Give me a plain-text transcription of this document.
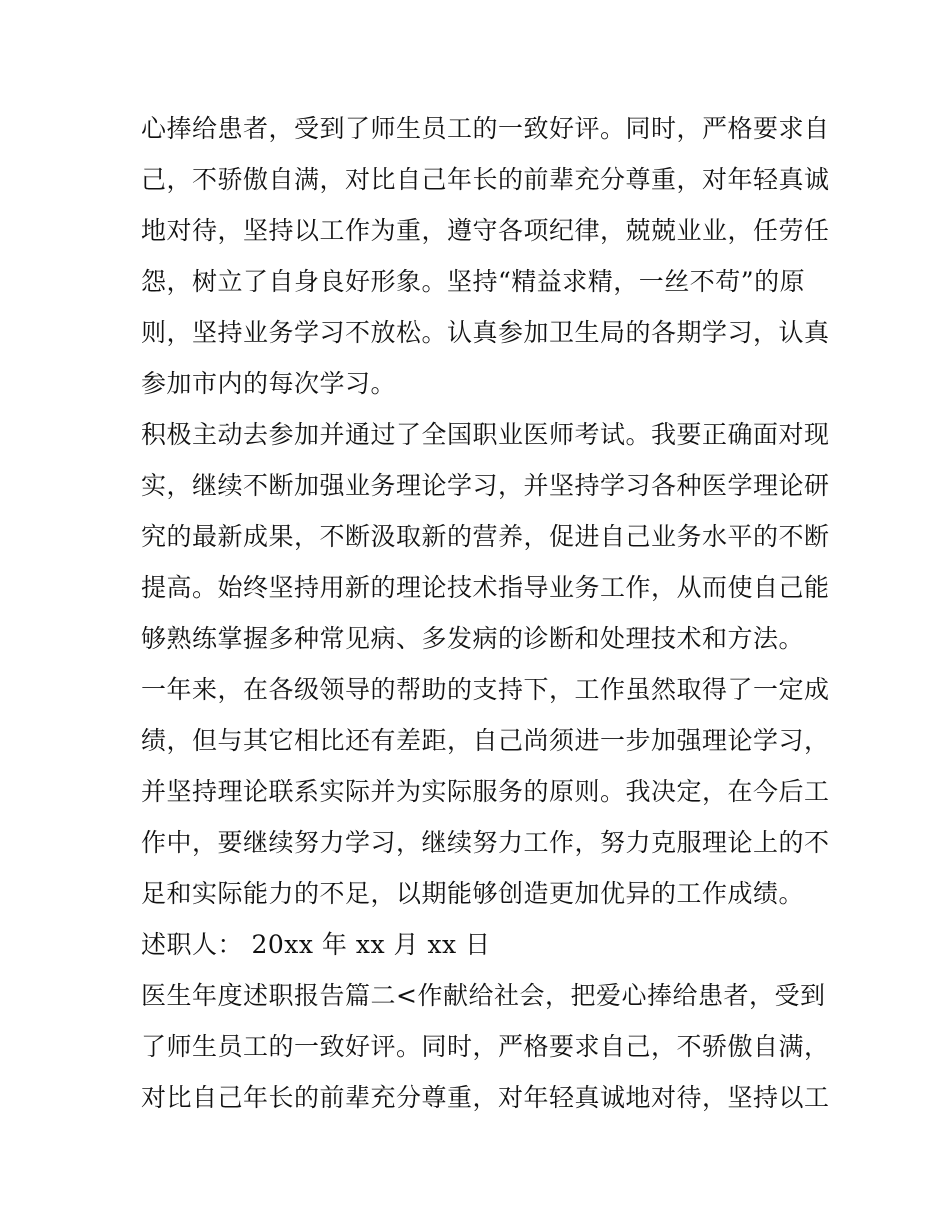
心捧给患者，受到了师生员工的一致好评。同时，严格要求自
己，不骄傲自满，对比自己年长的前辈充分尊重，对年轻真诚
地对待，坚持以工作为重，遵守各项纪律，兢兢业业，任劳任
怨，树立了自身良好形象。坚持“精益求精，一丝不苟”的原
则，坚持业务学习不放松。认真参加卫生局的各期学习，认真
参加市内的每次学习。
积极主动去参加并通过了全国职业医师考试。我要正确面对现
实，继续不断加强业务理论学习，并坚持学习各种医学理论研
究的最新成果，不断汲取新的营养，促进自己业务水平的不断
提高。始终坚持用新的理论技术指导业务工作，从而使自己能
够熟练掌握多种常见病、多发病的诊断和处理技术和方法。
一年来，在各级领导的帮助的支持下，工作虽然取得了一定成
绩，但与其它相比还有差距，自己尚须进一步加强理论学习，
并坚持理论联系实际并为实际服务的原则。我决定，在今后工
作中，要继续努力学习，继续努力工作，努力克服理论上的不
足和实际能力的不足，以期能够创造更加优异的工作成绩。
述职人： 20xx 年 xx 月 xx 日
医生年度述职报告篇二<作献给社会，把爱心捧给患者，受到
了师生员工的一致好评。同时，严格要求自己，不骄傲自满，
对比自己年长的前辈充分尊重，对年轻真诚地对待，坚持以工
